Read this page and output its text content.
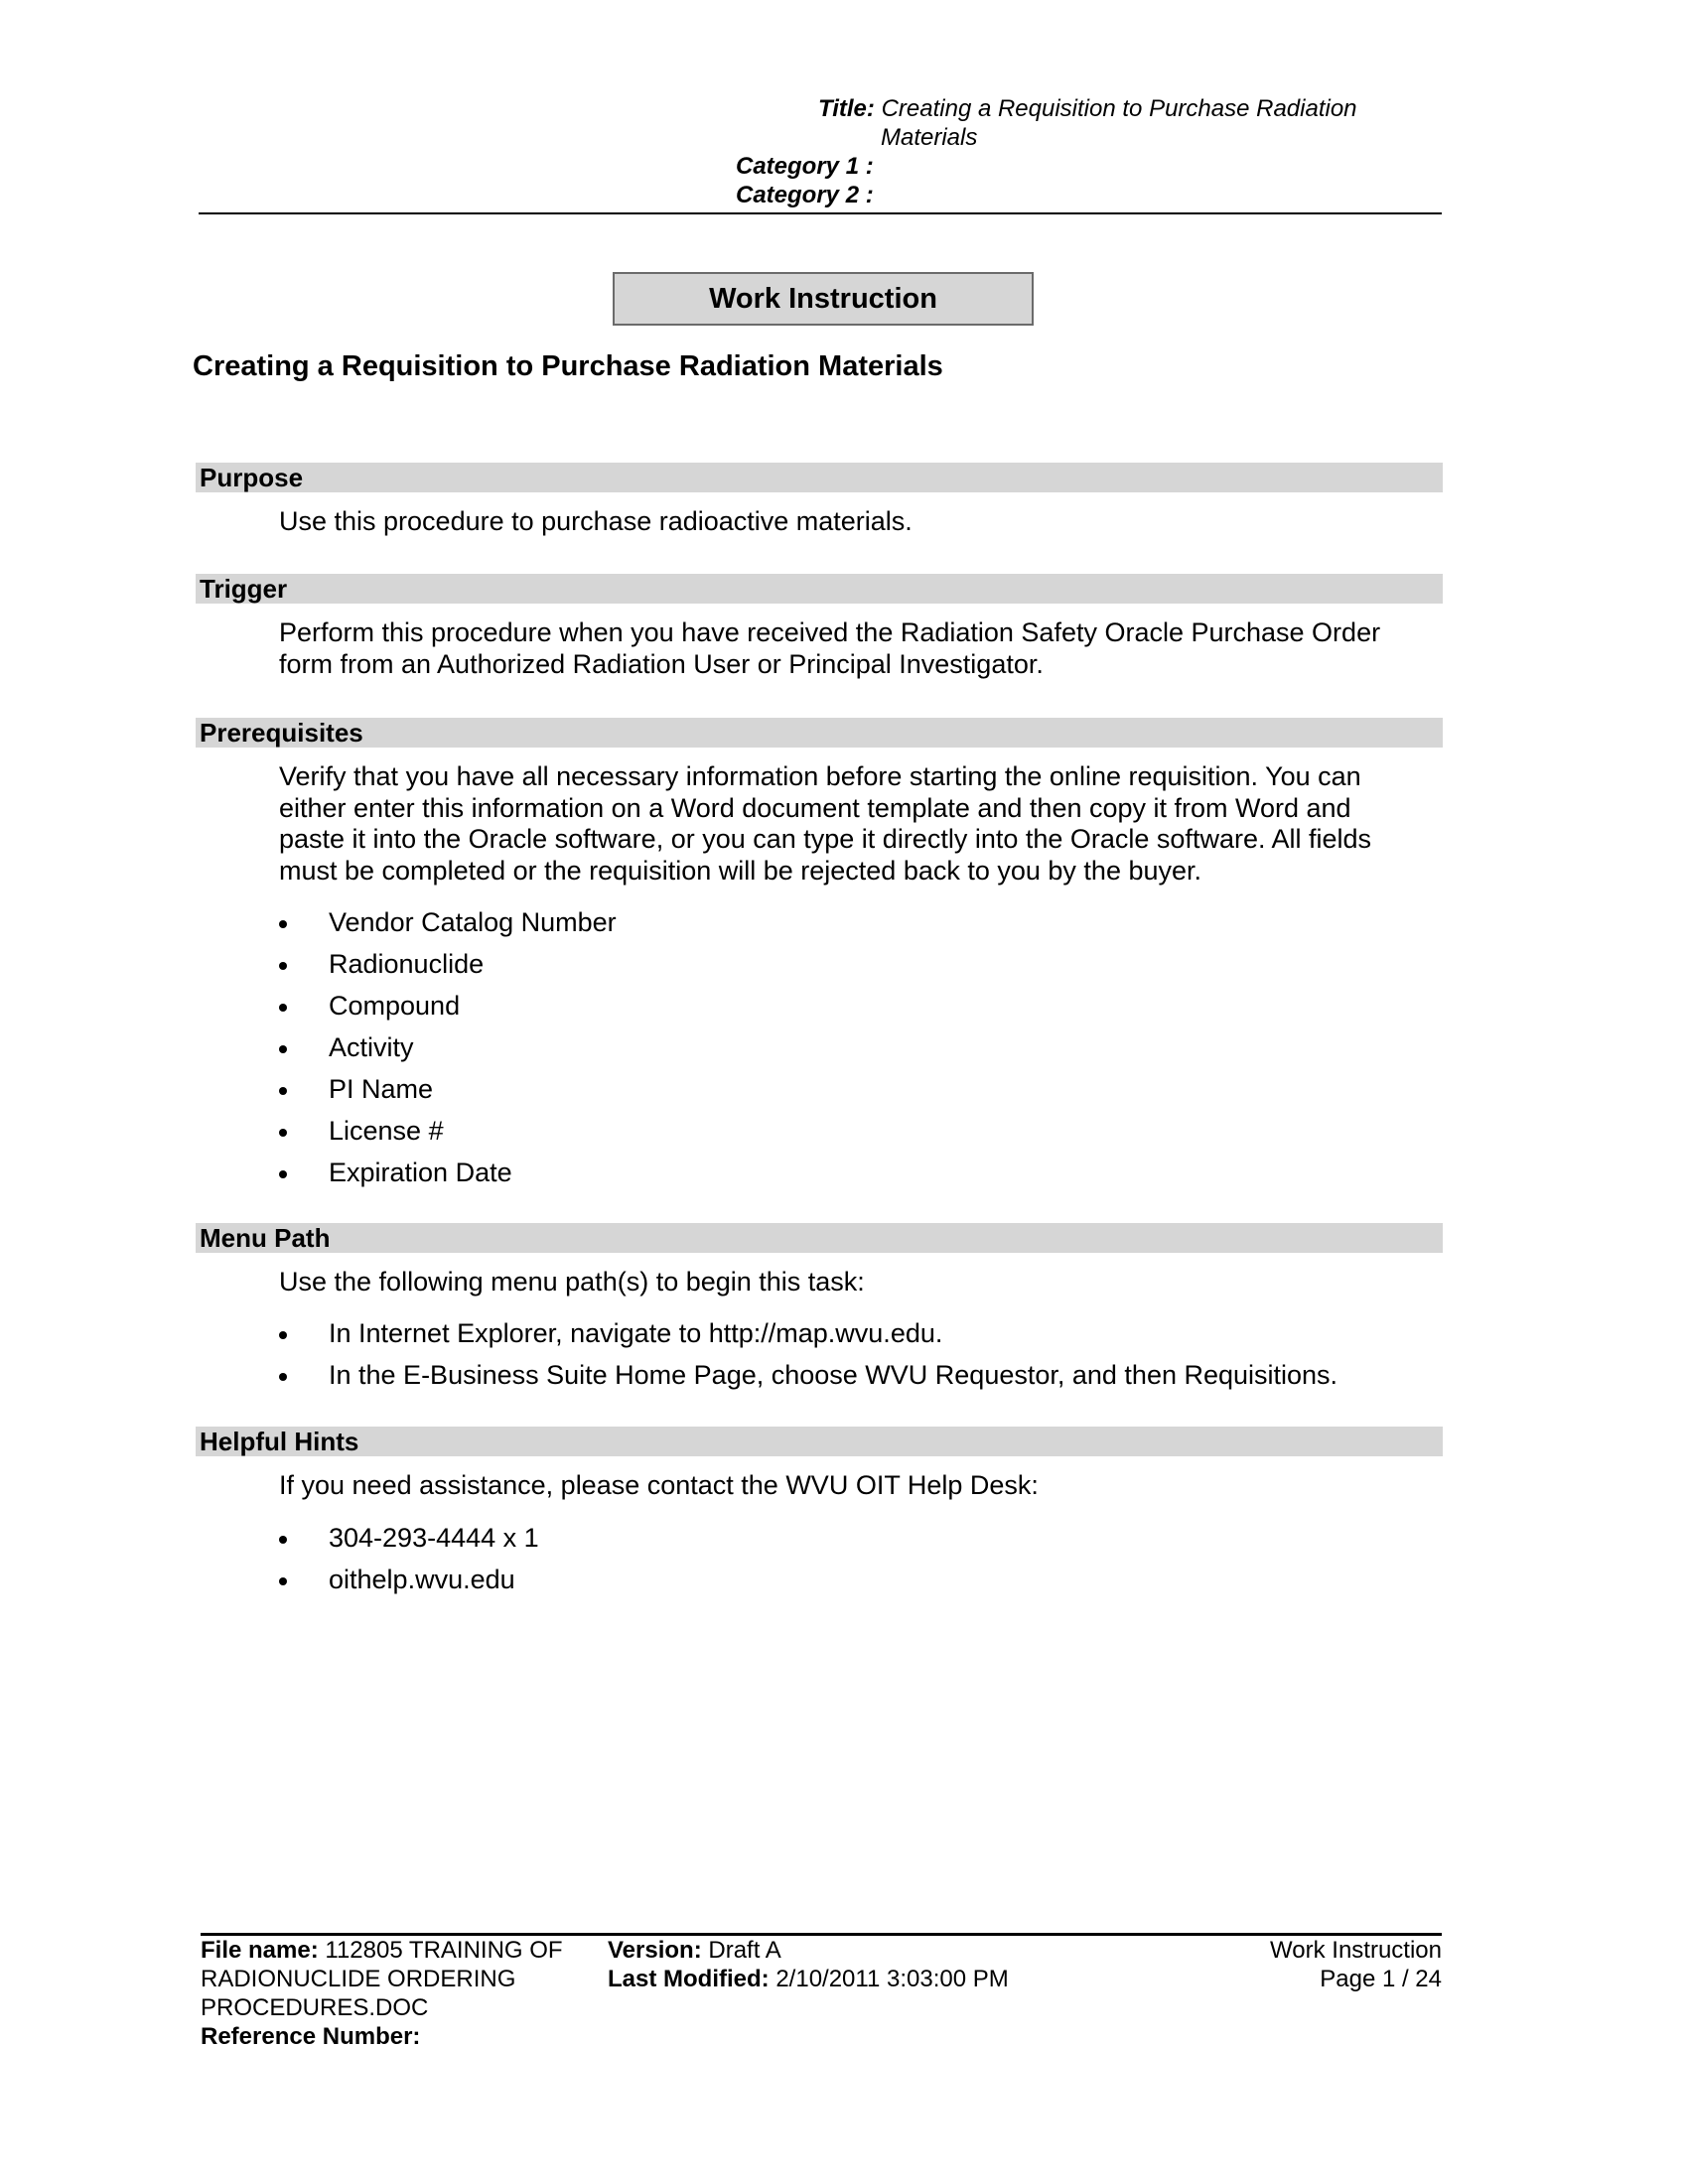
Title: Creating a Requisition to Purchase Radiation
Materials
Category 1 :
Category 2 :
Work Instruction
Creating a Requisition to Purchase Radiation Materials
Purpose
Use this procedure to purchase radioactive materials.
Trigger
Perform this procedure when you have received the Radiation Safety Oracle Purchase Order
form from an Authorized Radiation User or Principal Investigator.
Prerequisites
Verify that you have all necessary information before starting the online requisition. You can
either enter this information on a Word document template and then copy it from Word and
paste it into the Oracle software, or you can type it directly into the Oracle software. All fields
must be completed or the requisition will be rejected back to you by the buyer.
Vendor Catalog Number
Radionuclide
Compound
Activity
PI Name
License #
Expiration Date
Menu Path
Use the following menu path(s) to begin this task:
In Internet Explorer, navigate to http://map.wvu.edu.
In the E-Business Suite Home Page, choose WVU Requestor, and then Requisitions.
Helpful Hints
If you need assistance, please contact the WVU OIT Help Desk:
304-293-4444 x 1
oithelp.wvu.edu
File name: 112805 TRAINING OF
RADIONUCLIDE ORDERING
PROCEDURES.DOC
Reference Number:
Version: Draft A
Last Modified: 2/10/2011 3:03:00 PM
Work Instruction
Page 1 / 24
